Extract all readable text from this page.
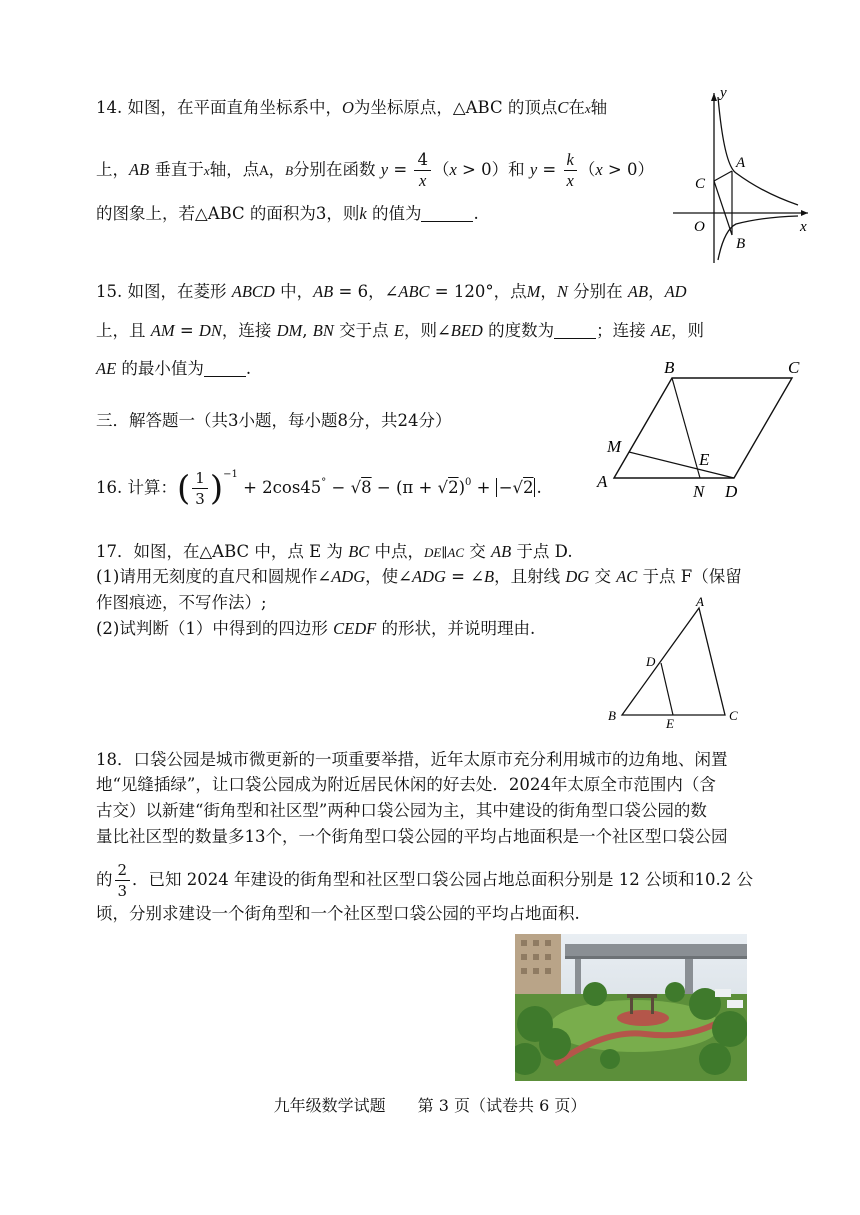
14. 如图，在平面直角坐标系中，O为坐标原点，△ABC 的顶点C在x轴
上，AB 垂直于x轴，点A，B分别在函数 $y = \frac{4}{x} (x > 0)$和 $y = \frac{k}{x} (x > 0)$
的图象上，若△ABC 的面积为3，则k 的值为	.
y
x
O
A
B
C
15. 如图，在菱形 ABCD 中，AB = 6，∠ABC = 120°，点M，N 分别在 AB，AD
上，且 AM = DN，连接 DM, BN 交于点 E，则∠BED 的度数为	；连接 AE，则
AE 的最小值为	.	B	C
A
D
M
N
E
三．解答题一（共3小题，每小题8分，共24分）
16. 计算：( $\frac{1}{3} )^{-1} + 2\cos 45^\circ - √8 - (\pi + √2)^0 + -√2$ .
17．如图，在△ABC 中，点 E 为 BC 中点，DE∥AC 交 AB 于点 D.
(1)请用无刻度的直尺和圆规作∠ADG，使∠ADG = ∠B，且射线 DG 交 AC 于点 F（保留
作图痕迹，不写作法）;
(2)试判断（1）中得到的四边形 CEDF 的形状，并说明理由.
A
B	C
D
E
18．口袋公园是城市微更新的一项重要举措，近年太原市充分利用城市的边角地、闲置
地“见缝插绿”，让口袋公园成为附近居民休闲的好去处．2024年太原全市范围内（含
古交）以新建“街角型和社区型”两种口袋公园为主，其中建设的街角型口袋公园的数
量比社区型的数量多13个，一个街角型口袋公园的平均占地面积是一个社区型口袋公园
的 $\frac{2}{3}$ ．已知 2024 年建设的街角型和社区型口袋公园占地总面积分别是 12 公顷和10.2 公
顷，分别求建设一个街角型和一个社区型口袋公园的平均占地面积.
九年级数学试题　　第 3 页（试卷共 6 页）
